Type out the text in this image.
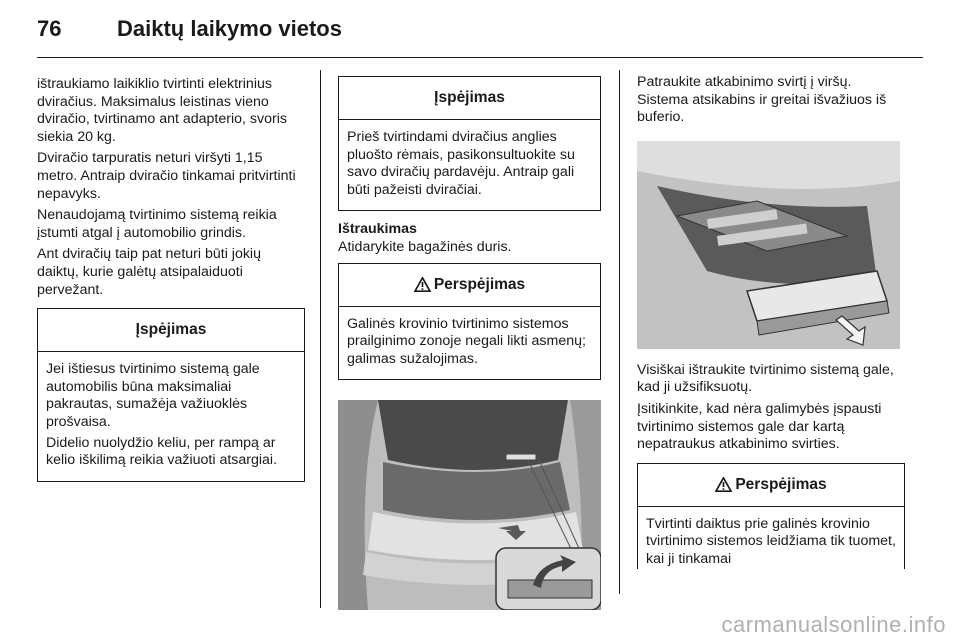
76	Daiktų laikymo vietos

ištraukiamo laikiklio tvirtinti elektrinius dviračius. Maksimalus leistinas vieno dviračio, tvirtinamo ant adapterio, svoris siekia 20 kg.

Dviračio tarpuratis neturi viršyti 1,15 metro. Antraip dviračio tinkamai pritvirtinti nepavyks.

Nenaudojamą tvirtinimo sistemą reikia įstumti atgal į automobilio grindis.

Ant dviračių taip pat neturi būti jokių daiktų, kurie galėtų atsipalaiduoti pervežant.

Įspėjimas

Jei ištiesus tvirtinimo sistemą gale automobilis būna maksimaliai pakrautas, sumažėja važiuoklės prošvaisa.

Didelio nuolydžio keliu, per rampą ar kelio iškilimą reikia važiuoti atsargiai.

Įspėjimas

Prieš tvirtindami dviračius anglies pluošto rėmais, pasikonsultuokite su savo dviračių pardavėju. Antraip gali būti pažeisti dviračiai.

Ištraukimas

Atidarykite bagažinės duris.

Perspėjimas

Galinės krovinio tvirtinimo sistemos prailginimo zonoje negali likti asmenų; galimas sužalojimas.

Patraukite atkabinimo svirtį į viršų. Sistema atsikabins ir greitai išvažiuos iš buferio.

Visiškai ištraukite tvirtinimo sistemą gale, kad ji užsifiksuotų.

Įsitikinkite, kad nėra galimybės įspausti tvirtinimo sistemos gale dar kartą nepatraukus atkabinimo svirties.

Perspėjimas

Tvirtinti daiktus prie galinės krovinio tvirtinimo sistemos leidžiama tik tuomet, kai ji tinkamai

carmanualsonline.info
